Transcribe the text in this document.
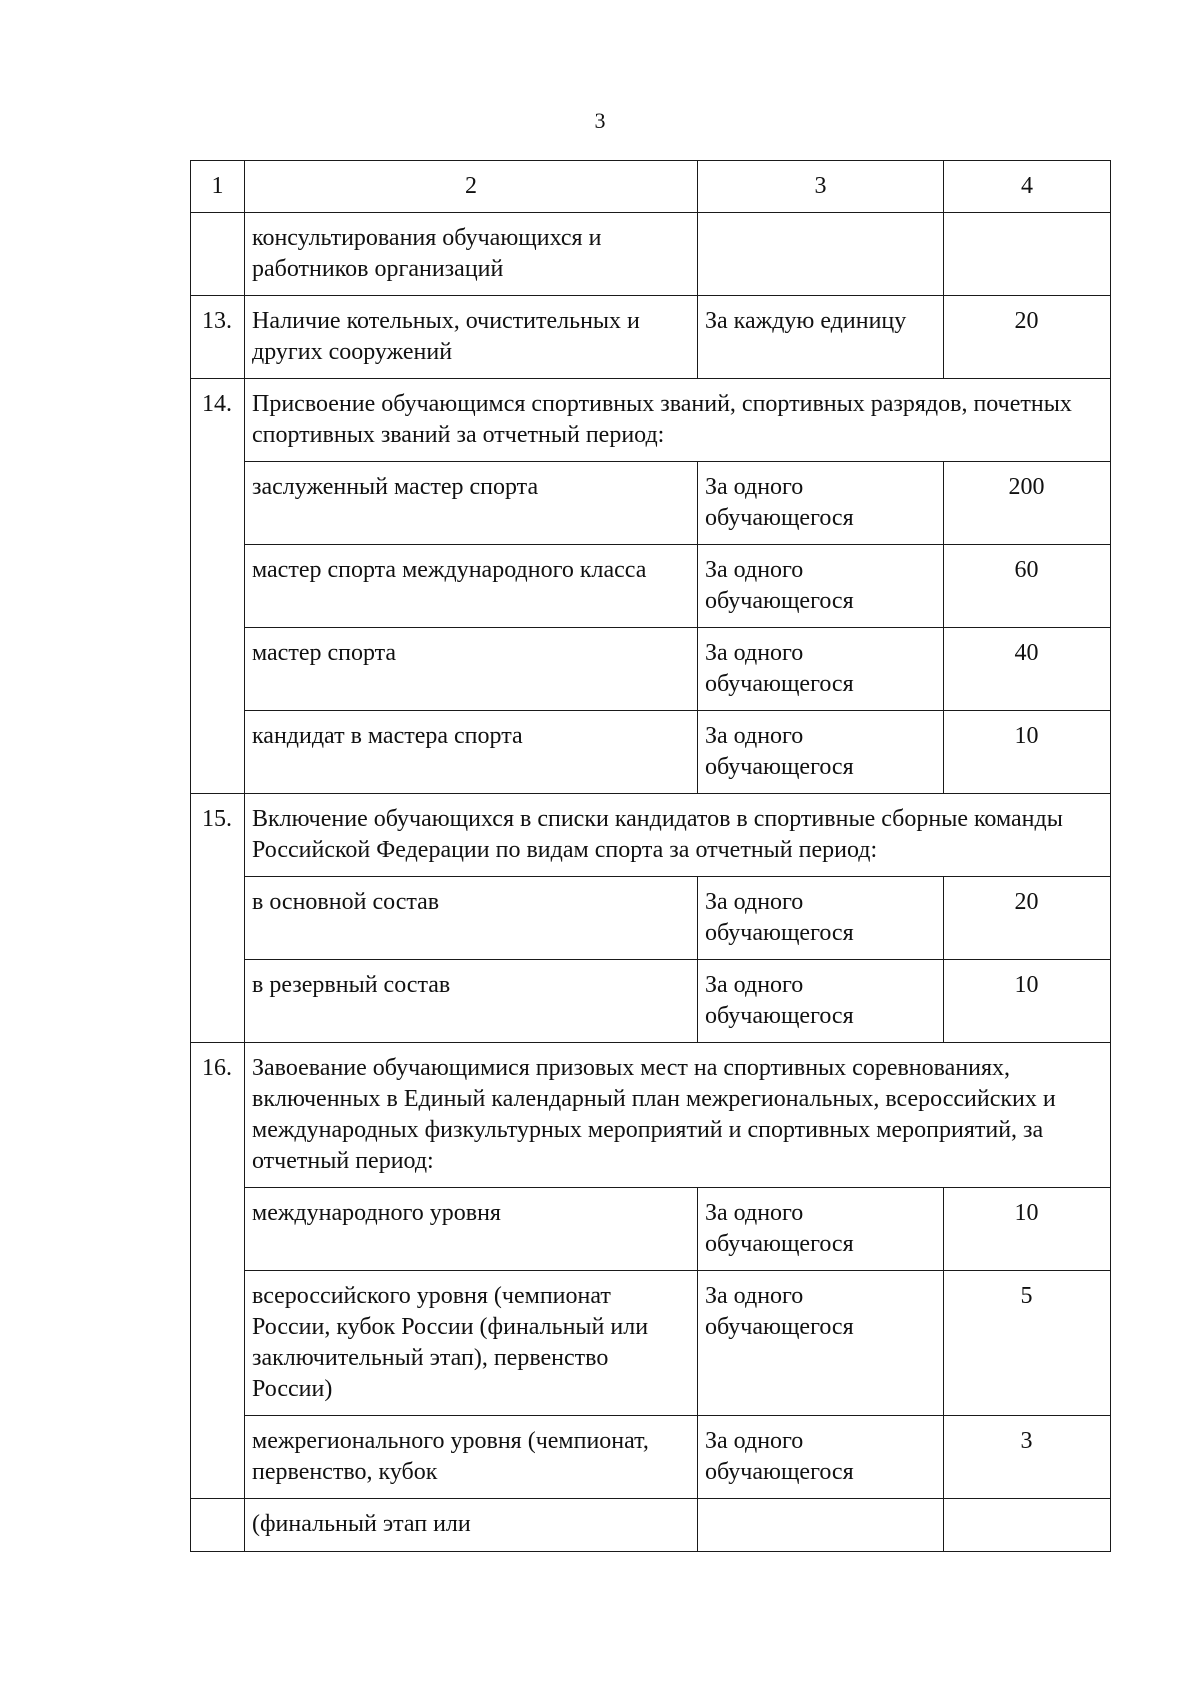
3
1	2	3	4
	консультирования обучающихся и работников организаций		
13.	Наличие котельных, очистительных и других сооружений	За каждую единицу	20
14.	Присвоение обучающимся спортивных званий, спортивных разрядов, почетных спортивных званий за отчетный период:		
	заслуженный мастер спорта	За одного обучающегося	200
	мастер спорта международного класса	За одного обучающегося	60
	мастер спорта	За одного обучающегося	40
	кандидат в мастера спорта	За одного обучающегося	10
15.	Включение обучающихся в списки кандидатов в спортивные сборные команды Российской Федерации по видам спорта за отчетный период:		
	в основной состав	За одного обучающегося	20
	в резервный состав	За одного обучающегося	10
16.	Завоевание обучающимися призовых мест на спортивных соревнованиях, включенных в Единый календарный план межрегиональных, всероссийских и международных физкультурных мероприятий и спортивных мероприятий, за отчетный период:		
	международного уровня	За одного обучающегося	10
	всероссийского уровня (чемпионат России, кубок России (финальный или заключительный этап), первенство России)	За одного обучающегося	5
	межрегионального уровня (чемпионат, первенство, кубок	За одного обучающегося	3
	(финальный этап или		
